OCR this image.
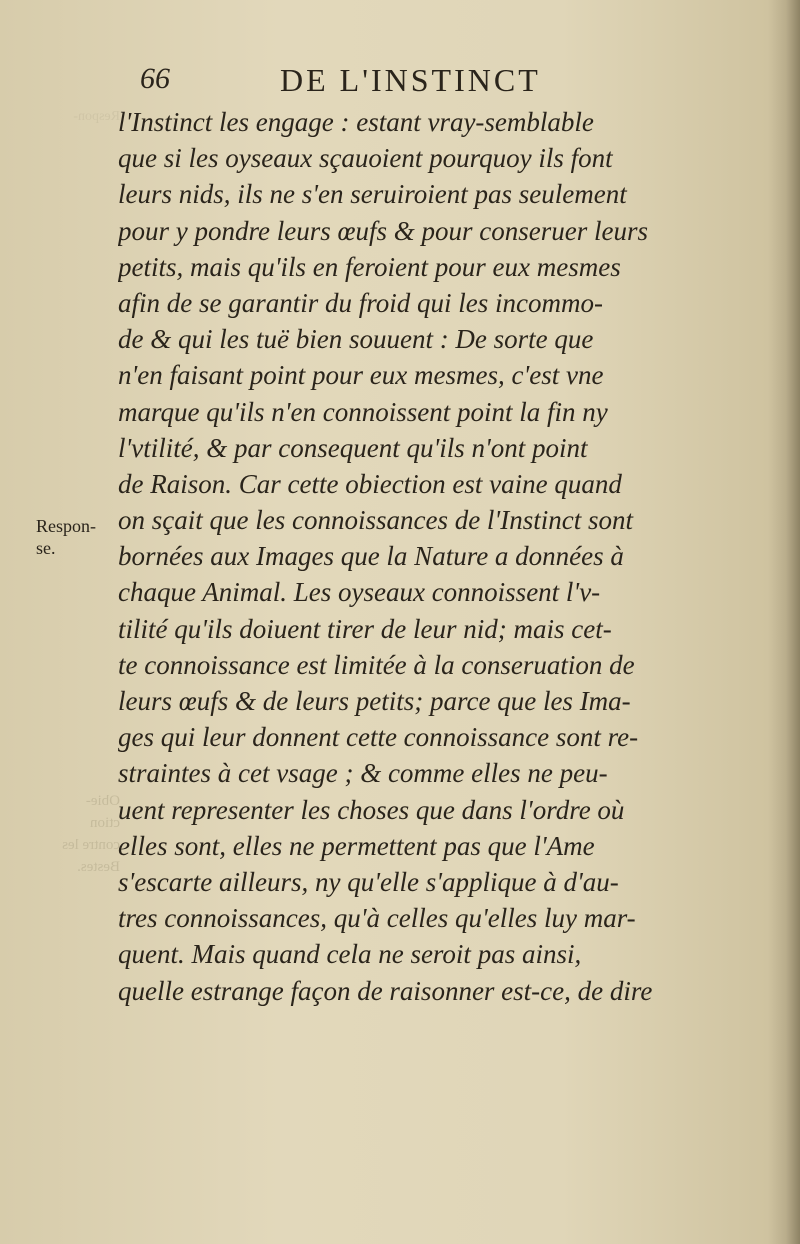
Respon-
66	DE L'INSTINCT
l'Instinct les engage : estant vray-semblable
que si les oyseaux sçauoient pourquoy ils font
leurs nids, ils ne s'en seruiroient pas seulement
pour y pondre leurs œufs & pour conseruer leurs
petits, mais qu'ils en feroient pour eux mesmes
afin de se garantir du froid qui les incommo-
de & qui les tuë bien souuent : De sorte que
n'en faisant point pour eux mesmes, c'est vne
marque qu'ils n'en connoissent point la fin ny
l'vtilité, & par consequent qu'ils n'ont point
de Raison. Car cette obiection est vaine quand
on sçait que les connoissances de l'Instinct sont
bornées aux Images que la Nature a données à
chaque Animal. Les oyseaux connoissent l'v-
tilité qu'ils doiuent tirer de leur nid; mais cet-
te connoissance est limitée à la conseruation de
leurs œufs & de leurs petits; parce que les Ima-
ges qui leur donnent cette connoissance sont re-
straintes à cet vsage ; & comme elles ne peu-
uent representer les choses que dans l'ordre où
elles sont, elles ne permettent pas que l'Ame
s'escarte ailleurs, ny qu'elle s'applique à d'au-
tres connoissances, qu'à celles qu'elles luy mar-
quent. Mais quand cela ne seroit pas ainsi,
quelle estrange façon de raisonner est-ce, de dire
Respon-
se.
Obie-
ction
contre les
Bestes.
